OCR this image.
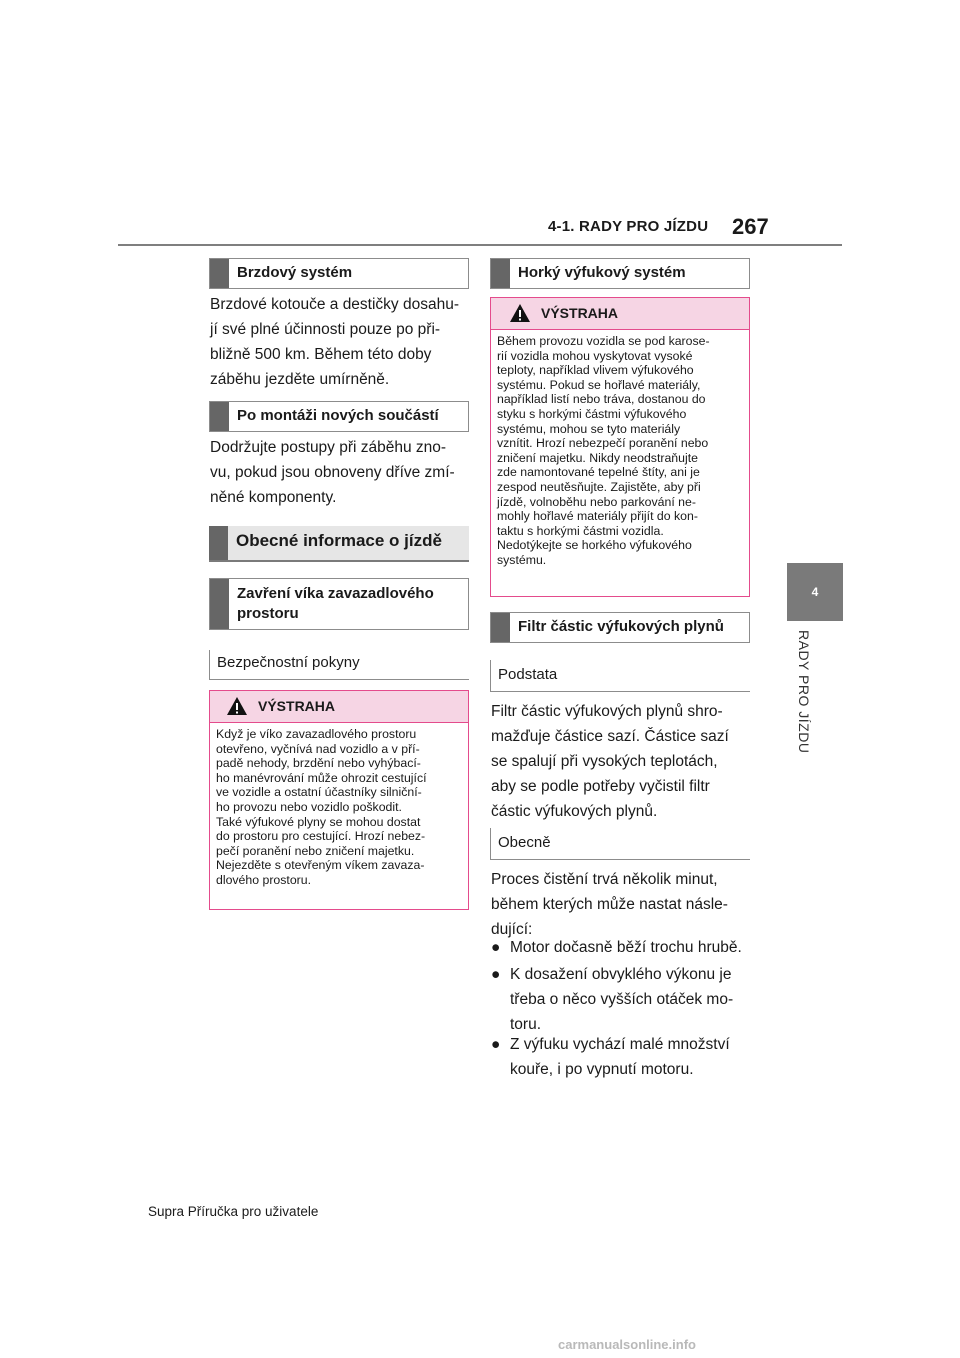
4-1. RADY PRO JÍZDU 267
4
RADY PRO JÍZDU
Brzdový systém
Brzdové kotouče a destičky dosahu-
jí své plné účinnosti pouze po při-
bližně 500 km. Během této doby
záběhu jezděte umírněně.
Po montáži nových součástí
Dodržujte postupy při záběhu zno-
vu, pokud jsou obnoveny dříve zmí-
něné komponenty.
Obecné informace o jízdě
Zavření víka zavazadlového
prostoru
Bezpečnostní pokyny
VÝSTRAHA
Když je víko zavazadlového prostoru
otevřeno, vyčnívá nad vozidlo a v pří-
padě nehody, brzdění nebo vyhýbací-
ho manévrování může ohrozit cestující
ve vozidle a ostatní účastníky silniční-
ho provozu nebo vozidlo poškodit.
Také výfukové plyny se mohou dostat
do prostoru pro cestující. Hrozí nebez-
pečí poranění nebo zničení majetku.
Nejezděte s otevřeným víkem zavaza-
dlového prostoru.
Horký výfukový systém
VÝSTRAHA
Během provozu vozidla se pod karose-
rií vozidla mohou vyskytovat vysoké
teploty, například vlivem výfukového
systému. Pokud se hořlavé materiály,
například listí nebo tráva, dostanou do
styku s horkými částmi výfukového
systému, mohou se tyto materiály
vznítit. Hrozí nebezpečí poranění nebo
zničení majetku. Nikdy neodstraňujte
zde namontované tepelné štíty, ani je
zespod neutěsňujte. Zajistěte, aby při
jízdě, volnoběhu nebo parkování ne-
mohly hořlavé materiály přijít do kon-
taktu s horkými částmi vozidla.
Nedotýkejte se horkého výfukového
systému.
Filtr částic výfukových plynů
Podstata
Filtr částic výfukových plynů shro-
mažďuje částice sazí. Částice sazí
se spalují při vysokých teplotách,
aby se podle potřeby vyčistil filtr
částic výfukových plynů.
Obecně
Proces čistění trvá několik minut,
během kterých může nastat násle-
dující:
● Motor dočasně běží trochu hrubě.
● K dosažení obvyklého výkonu je
třeba o něco vyšších otáček mo-
toru.
● Z výfuku vychází malé množství
kouře, i po vypnutí motoru.
Supra Příručka pro uživatele
carmanualsonline.info
